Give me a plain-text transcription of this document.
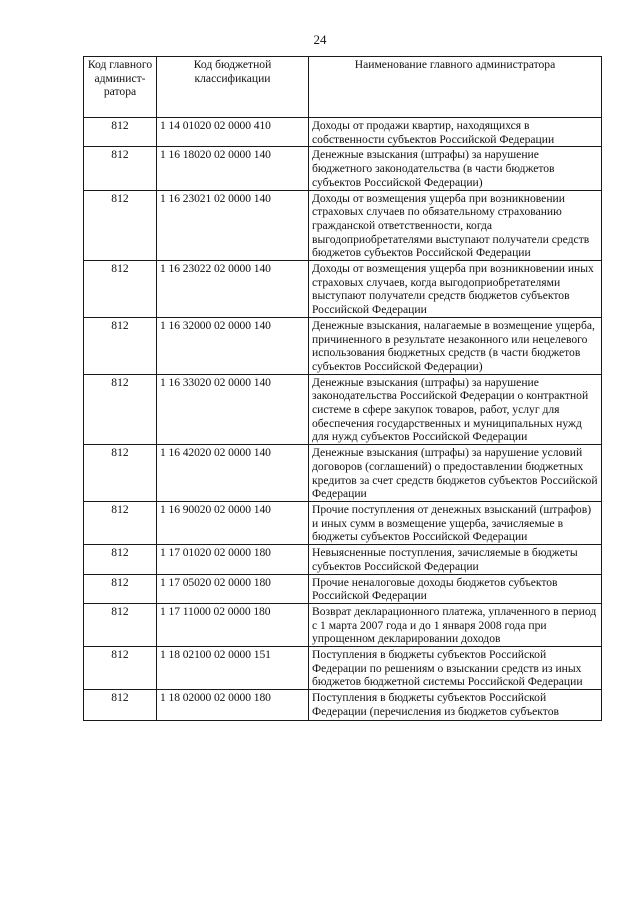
24
Код главного админист-ратора	Код бюджетной классификации	Наименование главного администратора
812	1 14 01020 02 0000 410	Доходы от продажи квартир, находящихся в собственности субъектов Российской Федерации
812	1 16 18020 02 0000 140	Денежные взыскания (штрафы) за нарушение бюджетного законодательства (в части бюджетов субъектов Российской Федерации)
812	1 16 23021 02 0000 140	Доходы от возмещения ущерба при возникновении страховых случаев по обязательному страхованию гражданской ответственности, когда выгодоприобретателями выступают получатели средств бюджетов субъектов Российской Федерации
812	1 16 23022 02 0000 140	Доходы от возмещения ущерба при возникновении иных страховых случаев, когда выгодоприобретателями выступают получатели средств бюджетов субъектов Российской Федерации
812	1 16 32000 02 0000 140	Денежные взыскания, налагаемые в возмещение ущерба, причиненного в результате незаконного или нецелевого использования бюджетных средств (в части бюджетов субъектов Российской Федерации)
812	1 16 33020 02 0000 140	Денежные взыскания (штрафы) за нарушение законодательства Российской Федерации о контрактной системе в сфере закупок товаров, работ, услуг для обеспечения государственных и муниципальных нужд для нужд субъектов Российской Федерации
812	1 16 42020 02 0000 140	Денежные взыскания (штрафы) за нарушение условий договоров (соглашений) о предоставлении бюджетных кредитов за счет средств бюджетов субъектов Российской Федерации
812	1 16 90020 02 0000 140	Прочие поступления от денежных взысканий (штрафов) и иных сумм в возмещение ущерба, зачисляемые в бюджеты субъектов Российской Федерации
812	1 17 01020 02 0000 180	Невыясненные поступления, зачисляемые в бюджеты субъектов Российской Федерации
812	1 17 05020 02 0000 180	Прочие неналоговые доходы бюджетов субъектов Российской Федерации
812	1 17 11000 02 0000 180	Возврат декларационного платежа, уплаченного в период с 1 марта 2007 года и до 1 января 2008 года при упрощенном декларировании доходов
812	1 18 02100 02 0000 151	Поступления в бюджеты субъектов Российской Федерации по решениям о взыскании средств из иных бюджетов бюджетной системы Российской Федерации
812	1 18 02000 02 0000 180	Поступления в бюджеты субъектов Российской Федерации (перечисления из бюджетов субъектов
